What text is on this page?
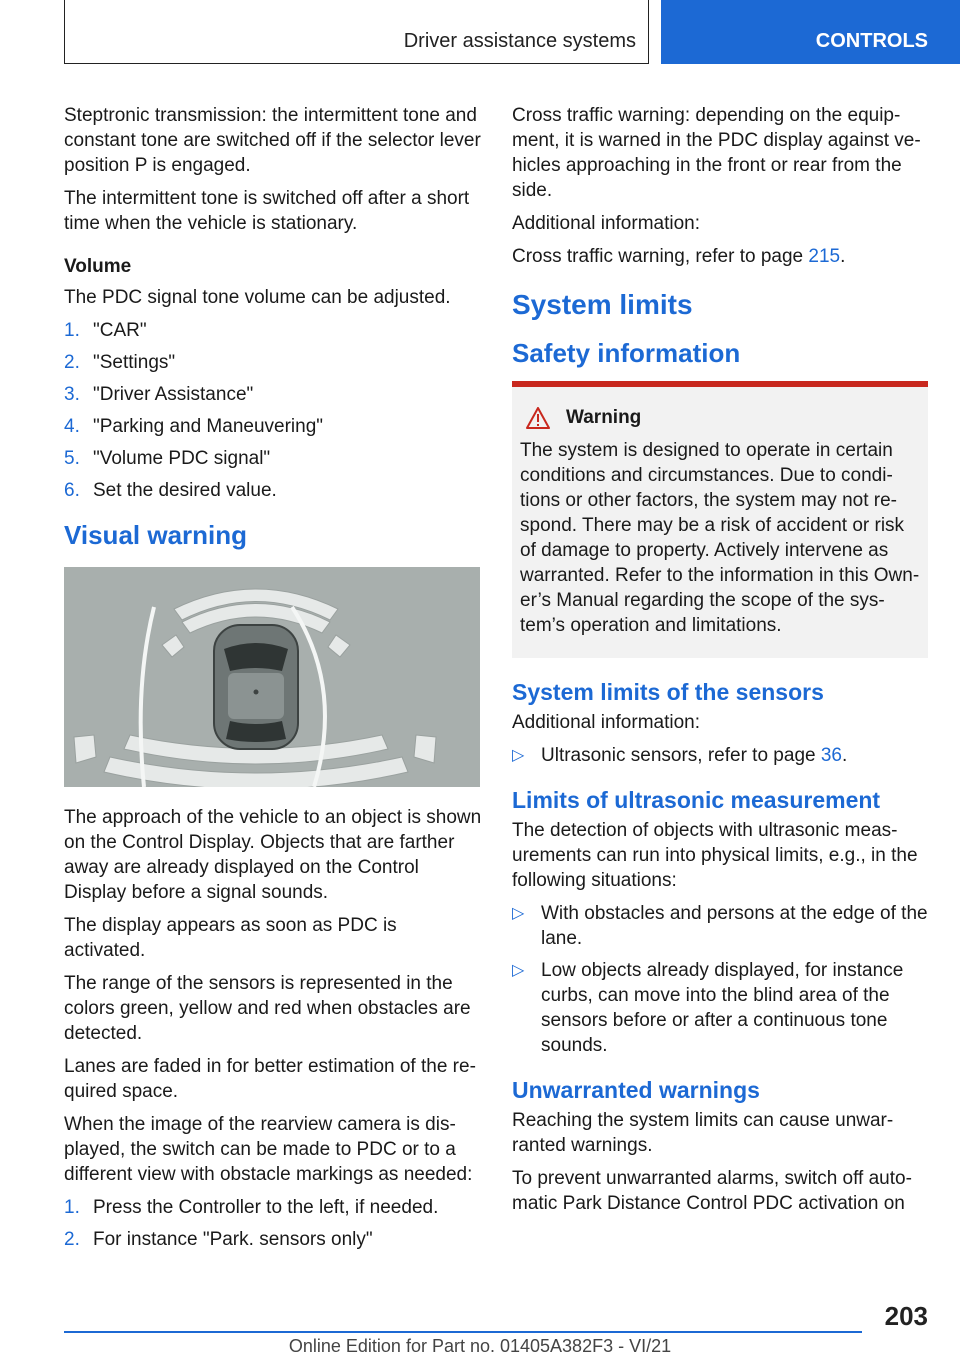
Driver assistance systems	CONTROLS

Steptronic transmission: the intermittent tone and constant tone are switched off if the selector lever position P is engaged.

The intermittent tone is switched off after a short time when the vehicle is stationary.

Volume

The PDC signal tone volume can be adjusted.

1. "CAR"
2. "Settings"
3. "Driver Assistance"
4. "Parking and Maneuvering"
5. "Volume PDC signal"
6. Set the desired value.
Visual warning

The approach of the vehicle to an object is shown on the Control Display. Objects that are farther away are already displayed on the Control Display before a signal sounds.

The display appears as soon as PDC is activated.

The range of the sensors is represented in the colors green, yellow and red when obstacles are detected.

Lanes are faded in for better estimation of the re‐quired space.

When the image of the rearview camera is dis‐played, the switch can be made to PDC or to a different view with obstacle markings as needed:

1. Press the Controller to the left, if needed.
2. For instance "Park. sensors only"

Cross traffic warning: depending on the equip‐ment, it is warned in the PDC display against ve‐hicles approaching in the front or rear from the side.

Additional information:

Cross traffic warning, refer to page 215.

System limits
Safety information
Warning

The system is designed to operate in certain conditions and circumstances. Due to condi‐tions or other factors, the system may not re‐spond. There may be a risk of accident or risk of damage to property. Actively intervene as warranted. Refer to the information in this Own‐er’s Manual regarding the scope of the sys‐tem’s operation and limitations.

System limits of the sensors

Additional information:

▷ Ultrasonic sensors, refer to page 36.
Limits of ultrasonic measurement

The detection of objects with ultrasonic meas‐urements can run into physical limits, e.g., in the following situations:

▷ With obstacles and persons at the edge of the lane.
▷ Low objects already displayed, for instance curbs, can move into the blind area of the sensors before or after a continuous tone sounds.
Unwarranted warnings

Reaching the system limits can cause unwar‐ranted warnings.

To prevent unwarranted alarms, switch off auto‐matic Park Distance Control PDC activation on

203
Online Edition for Part no. 01405A382F3 - VI/21
